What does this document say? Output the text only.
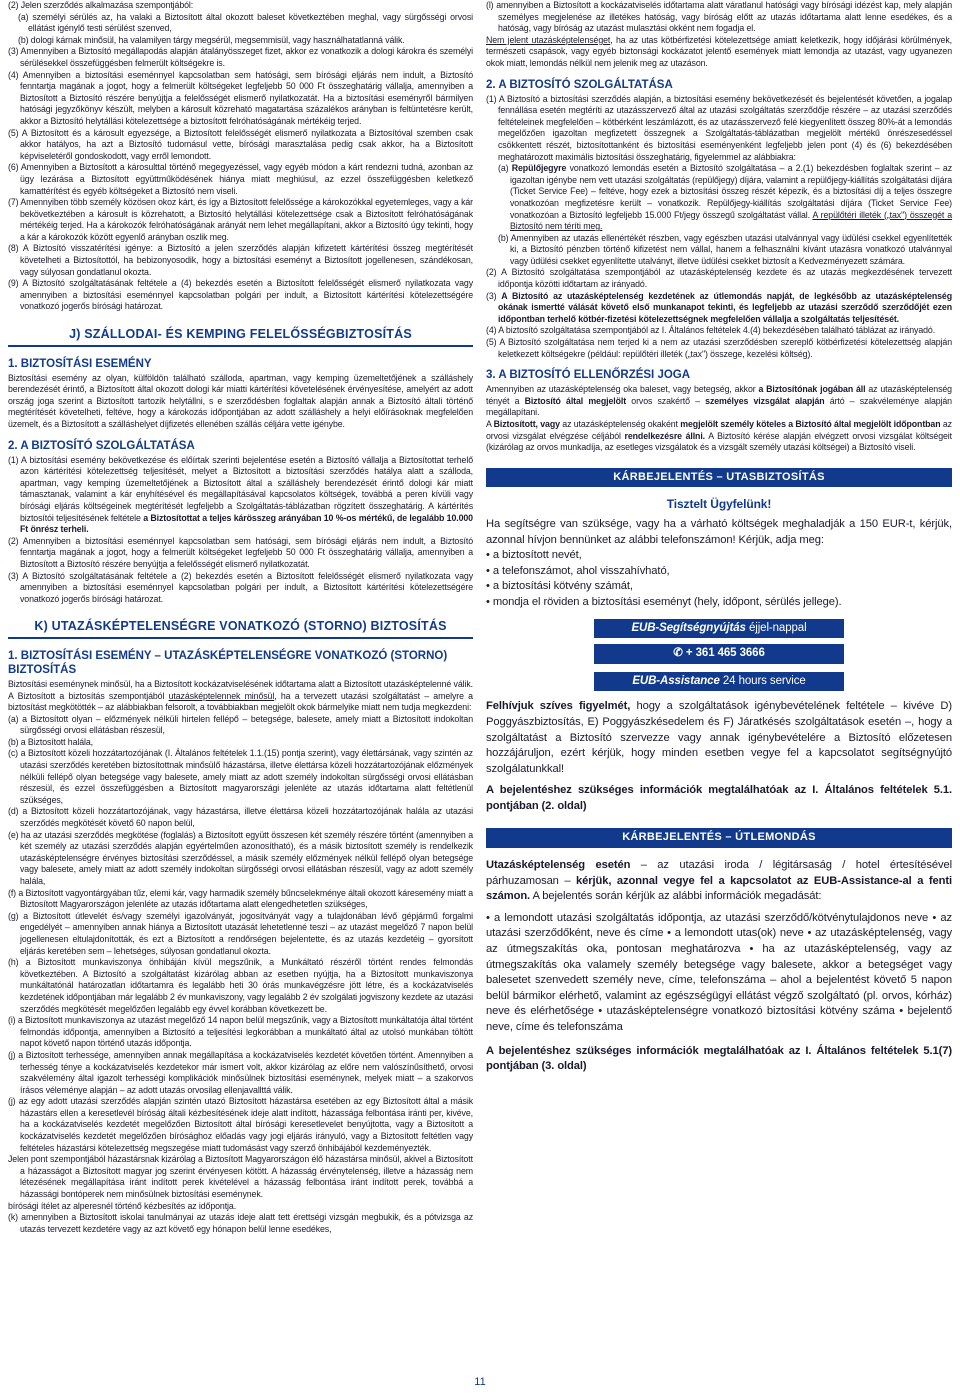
(2) Jelen szerződés alkalmazása szempontjából:

(a) személyi sérülés az, ha valaki a Biztosított által okozott baleset következtében meghal, vagy sürgősségi orvosi ellátást igénylő testi sérülést szenved,

(b) dologi kárnak minősül, ha valamilyen tárgy megsérül, megsemmisül, vagy használhatatlanná válik.

(3) Amennyiben a Biztosító megállapodás alapján átalányösszeget fizet, akkor ez vonatkozik a dologi károkra és személyi sérülésekkel összefüggésben felmerült költségekre is.

(4) Amennyiben a biztosítási eseménnyel kapcsolatban sem hatósági, sem bírósági eljárás nem indult, a Biztosító fenntartja magának a jogot, hogy a felmerült költségeket legfeljebb 50 000 Ft összeghatárig vállalja, amennyiben a Biztosított a Biztosító részére benyújtja a felelősségét elismerő nyilatkozatát. Ha a biztosítási eseményről bármilyen hatósági jegyzőkönyv készült, melyben a károsult közreható magatartása százalékos arányban is feltüntetésre került, akkor a Biztosító helytállási kötelezettsége a biztosított felróhatóságának mértékéig terjed.

(5) A Biztosított és a károsult egyezsége, a Biztosított felelősségét elismerő nyilatkozata a Biztosítóval szemben csak akkor hatályos, ha azt a Biztosító tudomásul vette, bírósági marasztalása pedig csak akkor, ha a Biztosított képviseletéről gondoskodott, vagy erről lemondott.

(6) Amennyiben a Biztosított a károsulttal történő megegyezéssel, vagy egyéb módon a kárt rendezni tudná, azonban az ügy lezárása a Biztosított együttműködésének hiánya miatt meghiúsul, az ezzel összefüggésben keletkező kamattérítést és egyéb költségeket a Biztosító nem viseli.

(7) Amennyiben több személy közösen okoz kárt, és így a Biztosított felelőssége a károkozókkal egyetemleges, vagy a kár bekövetkeztében a károsult is közrehatott, a Biztosító helytállási kötelezettsége csak a Biztosított felróhatóságának mértékéig terjed. Ha a károkozók felróhatóságának arányát nem lehet megállapítani, akkor a Biztosító úgy tekinti, hogy a kár a károkozók között egyenlő arányban oszlik meg.

(8) A Biztosító visszatérítési igénye: a Biztosító a jelen szerződés alapján kifizetett kártérítési összeg megtérítését követelheti a Biztosítottól, ha bebizonyosodik, hogy a biztosítási eseményt a Biztosított jogellenesen, szándékosan, vagy súlyosan gondatlanul okozta.

(9) A Biztosító szolgáltatásának feltétele a (4) bekezdés esetén a Biztosított felelősségét elismerő nyilatkozata vagy amennyiben a biztosítási eseménnyel kapcsolatban polgári per indult, a Biztosított kártérítési kötelezettségére vonatkozó jogerős bírósági határozat.

J) SZÁLLODAI- ÉS KEMPING FELELŐSSÉGBIZTOSÍTÁS
1. BIZTOSÍTÁSI ESEMÉNY

Biztosítási esemény az olyan, külföldön található szálloda, apartman, vagy kemping üzemeltetőjének a szálláshely berendezését érintő, a Biztosított által okozott dologi kár miatti kártérítési követelésének érvényesítése, amelyért az adott ország joga szerint a Biztosított tartozik helytállni, s e szerződésben foglaltak alapján annak a Biztosító általi történő megtérítését követelheti, feltéve, hogy a károkozás időpontjában az adott szálláshely a helyi előírásoknak megfelelően üzemelt, és a Biztosított a szálláshelyet díjfizetés ellenében szállás céljára vette igénybe.

2. A BIZTOSÍTÓ SZOLGÁLTATÁSA

(1) A biztosítási esemény bekövetkezése és előírtak szerinti bejelentése esetén a Biztosító vállalja a Biztosítottat terhelő azon kártérítési kötelezettség teljesítését, melyet a Biztosított a biztosítási szerződés hatálya alatt a szálloda, apartman, vagy kemping üzemeltetőjének a Biztosított által a szálláshely berendezését érintő dologi kár miatt támasztanak, valamint a kár enyhítésével és megállapításával kapcsolatos költségek, továbbá a peren kívüli vagy bírósági eljárás költségeinek megtérítését legfeljebb a Szolgáltatás-táblázatban rögzített összeghatárig. A kártérítés biztosítói teljesítésének feltétele a Biztosítottat a teljes kárösszeg arányában 10 %-os mértékű, de legalább 10.000 Ft önrész terheli.

(2) Amennyiben a biztosítási eseménnyel kapcsolatban sem hatósági, sem bírósági eljárás nem indult, a Biztosító fenntartja magának a jogot, hogy a felmerült költségeket legfeljebb 50 000 Ft összeghatárig vállalja, amennyiben a Biztosított a Biztosító részére benyújtja a felelősségét elismerő nyilatkozatát.

(3) A Biztosító szolgáltatásának feltétele a (2) bekezdés esetén a Biztosított felelősségét elismerő nyilatkozata vagy amennyiben a biztosítási eseménnyel kapcsolatban polgári per indult, a Biztosított kártérítési kötelezettségére vonatkozó jogerős bírósági határozat.

K) UTAZÁSKÉPTELENSÉGRE VONATKOZÓ (STORNO) BIZTOSÍTÁS
1. BIZTOSÍTÁSI ESEMÉNY – UTAZÁSKÉPTELENSÉGRE VONATKOZÓ (STORNO) BIZTOSÍTÁS

Biztosítási eseménynek minősül, ha a Biztosított kockázatviselésének időtartama alatt a Biztosított utazásképtelenné válik. A Biztosított a biztosítás szempontjából utazásképtelennek minősül, ha a tervezett utazási szolgáltatást – amelyre a biztosítást megkötötték – az alábbiakban felsorolt, a továbbiakban megjelölt okok bármelyike miatt nem tudja megkezdeni:

(a) a Biztosított olyan – előzmények nélküli hirtelen fellépő – betegsége, balesete, amely miatt a Biztosított indokoltan sürgősségi orvosi ellátásban részesül,

(b) a Biztosított halála,

(c) a Biztosított közeli hozzátartozójának (I. Általános feltételek 1.1.(15) pontja szerint), vagy élettársának, vagy szintén az utazási szerződés keretében biztosítottnak minősülő házastársa, illetve élettársa közeli hozzátartozójának előzmények nélküli fellépő olyan betegsége vagy balesete, amely miatt az adott személy indokoltan sürgősségi orvosi ellátásban részesül, és ezzel összefüggésben a Biztosított magyarországi jelenléte az utazás időtartama alatt feltétlenül szükséges,

(d) a Biztosított közeli hozzátartozójának, vagy házastársa, illetve élettársa közeli hozzátartozójának halála az utazási szerződés megkötését követő 60 napon belül,

(e) ha az utazási szerződés megkötése (foglalás) a Biztosított együtt összesen két személy részére történt (amennyiben a két személy az utazási szerződés alapján egyértelműen azonosítható), és a másik biztosított személy is rendelkezik utazásképtelenségre érvényes biztosítási szerződéssel, a másik személy előzmények nélkül fellépő olyan betegsége vagy balesete, amely miatt az adott személy indokoltan sürgősségi orvosi ellátásban részesül, vagy az adott személy halála,

(f) a Biztosított vagyontárgyában tűz, elemi kár, vagy harmadik személy bűncselekménye általi okozott káresemény miatt a Biztosított Magyarországon jelenléte az utazás időtartama alatt elengedhetetlen szükséges,

(g) a Biztosított útlevelét és/vagy személyi igazolványát, jogosítványát vagy a tulajdonában lévő gépjármű forgalmi engedélyét – amennyiben annak hiánya a Biztosított utazását lehetetlenné teszi – az utazást megelőző 7 napon belül jogellenesen eltulajdonították, és ezt a Biztosított a rendőrségen bejelentette, és az utazás kezdetéig – gyorsított eljárás keretében sem – lehetséges, súlyosan gondatlanul okozta.

(h) a Biztosított munkaviszonya önhibáján kívül megszűnik, a Munkáltató részéről történt rendes felmondás következtében. A Biztosító a szolgáltatást kizárólag abban az esetben nyújtja, ha a Biztosított munkaviszonya munkáltatónál határozatlan időtartamra és legalább heti 30 órás munkavégzésre jött létre, és a kockázatviselés kezdetének időpontjában már legalább 2 év munkaviszony, vagy legalább 2 év szolgálati jogviszony kezdete az utazási szerződés megkötését megelőzően legalább egy évvel korábban következett be.

(i) a Biztosított munkaviszonya az utazást megelőző 14 napon belül megszűnik, vagy a Biztosított munkáltatója által történt felmondás időpontja, amennyiben a Biztosító a teljesítési legkorábban a munkáltató által az utolsó munkában töltött napot követő napon történő utazás időpontja.

(j) a Biztosított terhessége, amennyiben annak megállapítása a kockázatviselés kezdetét követően történt. Amennyiben a terhesség ténye a kockázatviselés kezdetekor már ismert volt, akkor kizárólag az előre nem valószínűsíthető, orvosi szakvélemény által igazolt terhességi komplikációk minősülnek biztosítási eseménynek, melyek miatt – a szakorvos írásos véleménye alapján – az adott utazás orvosilag ellenjavallttá válik.

(j) az egy adott utazási szerződés alapján szintén utazó Biztosított házastársa esetében az egy Biztosított által a másik házastárs ellen a keresetlevél bíróság általi kézbesítésének ideje alatt indított, házassága felbontása iránti per, kivéve, ha a kockázatviselés kezdetét megelőzően Biztosított által bírósági keresetlevelet benyújtotta, vagy a Biztosított a kockázatviselés kezdetét megelőzően bírósághoz előadás vagy jogi eljárás irányuló, vagy a Biztosított feltétlen vagy feltételes házastársi kötelezettség megszegése miatt tudomásást vagy szerző önhibájából kezdeményezték.

Jelen pont szempontjából házastársnak kizárólag a Biztosított Magyarországon élő házastársa minősül, akivel a Biztosított a házasságot a Biztosított magyar jog szerint érvényesen kötött. A házasság érvénytelenség, illetve a házasság nem létezésének megállapítása iránt indított perek kivételével a házasság felbontása iránt indított perek, továbbá a házassági bontóperek nem minősülnek biztosítási eseménynek.

bírósági ítélet az alperesnél történő kézbesítés az időpontja.

(k) amennyiben a Biztosított iskolai tanulmányai az utazás ideje alatt tett érettségi vizsgán megbukik, és a pótvizsga az utazás tervezett kezdetére vagy az azt követő egy hónapon belül lenne esedékes,

(l) amennyiben a Biztosított a kockázatviselés időtartama alatt váratlanul hatósági vagy bírósági idézést kap, mely alapján személyes megjelenése az illetékes hatóság, vagy bíróság előtt az utazás időtartama alatt lenne esedékes, és a hatóság, vagy bíróság az utazást mulasztási okként nem fogadja el.

Nem jelent utazásképtelenséget, ha az utas kötbérfizetési kötelezettsége amiatt keletkezik, hogy időjárási körülmények, természeti csapások, vagy egyéb biztonsági kockázatot jelentő események miatt lemondja az utazást, vagy ugyanezen okok miatt, lemondás nélkül nem jelenik meg az utazáson.

2. A BIZTOSÍTÓ SZOLGÁLTATÁSA

(1) A Biztosító a biztosítási szerződés alapján, a biztosítási esemény bekövetkezését és bejelentését követően, a jogalap fennállása esetén megtéríti az utazásszervező által az utazási szolgáltatás szerződője részére – az utazási szerződés feltételeinek megfelelően – kötbérként leszámlázott, és az utazásszervező felé kiegyenlített összeg 80%-át a lemondás megelőzően igazoltan megfizetett összegnek a Szolgáltatás-táblázatban megjelölt mértékű önrészesedéssel csökkentett részét, biztosítottanként és biztosítási eseményenként legfeljebb jelen pont (4) és (6) bekezdésében meghatározott maximális biztosítási összeghatárig, figyelemmel az alábbiakra:

(a) Repülőjegyre vonatkozó lemondás esetén a Biztosító szolgáltatása – a 2.(1) bekezdésben foglaltak szerint – az igazoltan igénybe nem vett utazási szolgáltatás (repülőjegy) díjára, valamint a repülőjegy-kiállítás szolgáltatási díjára (Ticket Service Fee) – feltéve, hogy ezek a biztosítási összeg részét képezik, és a biztosítási díj a teljes összegre vonatkozóan megfizetésre került – vonatkozik. Repülőjegy-kiállítás szolgáltatási díjára (Ticket Service Fee) vonatkozóan a Biztosító legfeljebb 15.000 Ft/jegy összegű szolgáltatást vállal. A repülőtéri illeték („tax") összegét a Biztosító nem téríti meg.

(b) Amennyiben az utazás ellenértékét részben, vagy egészben utazási utalvánnyal vagy üdülési csekkel egyenlítették ki, a Biztosító pénzben történő kifizetést nem vállal, hanem a felhasználni kívánt utazásra vonatkozó utalvánnyal vagy üdülési csekket egyenlítette utalványt, illetve üdülési csekket biztosít a Kedvezményezett számára.

(2) A Biztosító szolgáltatása szempontjából az utazásképtelenség kezdete és az utazás megkezdésének tervezett időpontja közötti időtartam az irányadó.

(3) A Biztosító az utazásképtelenség kezdetének az útlemondás napját, de legkésőbb az utazásképtelenség okának ismertté válását követő első munkanapot tekinti, és legfeljebb az utazási szerződő szerződőjét ezen időpontban terhelő kötbér-fizetési kötelezettségnek megfelelően vállalja a szolgáltatás teljesítését.

(4) A biztosító szolgáltatása szempontjából az I. Általános feltételek 4.(4) bekezdésében található táblázat az irányadó.

(5) A Biztosító szolgáltatása nem terjed ki a nem az utazási szerződésben szereplő kötbérfizetési kötelezettség alapján keletkezett költségekre (például: repülőtéri illeték („tax") összege, kezelési költség).

3. A BIZTOSÍTÓ ELLENŐRZÉSI JOGA

Amennyiben az utazásképtelenség oka baleset, vagy betegség, akkor a Biztosítónak jogában áll az utazásképtelenség tényét a Biztosító által megjelölt orvos szakértő – személyes vizsgálat alapján ártó – szakvéleménye alapján megállapítani.

A Biztosított, vagy az utazásképtelenség okaként megjelölt személy köteles a Biztosító által megjelölt időpontban az orvosi vizsgálat elvégzése céljából rendelkezésre állni. A Biztosító kérése alapján elvégzett orvosi vizsgálat költségeit (kizárólag az orvos munkadíja, az esetleges vizsgálatok és a vizsgált személy utazási költségei) a Biztosító viseli.

KÁRBEJELENTÉS – UTASBIZTOSÍTÁS
Tisztelt Ügyfelünk!

Ha segítségre van szüksége, vagy ha a várható költségek meghaladják a 150 EUR-t, kérjük, azonnal hívjon bennünket az alábbi telefonszámon! Kérjük, adja meg:

• a biztosított nevét,
• a telefonszámot, ahol visszahívható,
• a biztosítási kötvény számát,
• mondja el röviden a biztosítási eseményt (hely, időpont, sérülés jellege).
EUB-Segítségnyújtás éjjel-nappal
✆ + 361 465 3666
EUB-Assistance 24 hours service

Felhívjuk szíves figyelmét, hogy a szolgáltatások igénybevételének feltétele – kivéve D) Poggyászbiztosítás, E) Poggyászkésedelem és F) Járatkésés szolgáltatások esetén –, hogy a szolgáltatást a Biztosító szervezze vagy annak igénybevételére a Biztosító előzetesen hozzájáruljon, ezért kérjük, hogy minden esetben vegye fel a kapcsolatot segítségnyújtó szolgálatunkkal!

A bejelentéshez szükséges információk megtalálhatóak az I. Általános feltételek 5.1. pontjában (2. oldal)

KÁRBEJELENTÉS – ÚTLEMONDÁS

Utazásképtelenség esetén – az utazási iroda / légitársaság / hotel értesítésével párhuzamosan – kérjük, azonnal vegye fel a kapcsolatot az EUB-Assistance-al a fenti számon. A bejelentés során kérjük az alábbi információk megadását:

• a lemondott utazási szolgáltatás időpontja, az utazási szerződő/kötvénytulajdonos neve • az utazási szerződőként, neve és címe • a lemondott utas(ok) neve • az utazásképtelenség, vagy az útmegszakítás oka, pontosan meghatározva • ha az utazásképtelenség, vagy az útmegszakítás oka valamely személy betegsége vagy balesete, akkor a betegséget vagy balesetet szenvedett személy neve, címe, telefonszáma – ahol a bejelentést követő 5 napon belül bármikor elérhető, valamint az egészségügyi ellátást végző szolgáltató (pl. orvos, kórház) neve és elérhetősége • utazásképtelenségre vonatkozó biztosítási kötvény száma • bejelentő neve, címe és telefonszáma

A bejelentéshez szükséges információk megtalálhatóak az I. Általános feltételek 5.1(7) pontjában (3. oldal)

11
